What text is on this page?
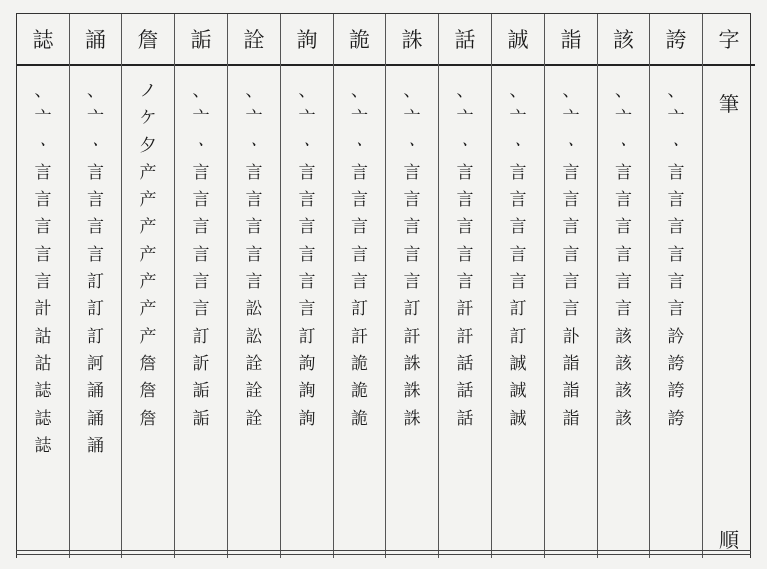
誌
、
亠
ㆍ
言
言
言
言
言
計
詁
詁
誌
誌
誌
誦
、
亠
ㆍ
言
言
言
言
訂
訂
訂
訶
誦
誦
誦
詹
ノ
ケ
夕
产
产
产
产
产
产
产
詹
詹
詹
詬
、
亠
ㆍ
言
言
言
言
言
言
訂
訢
詬
詬
詮
、
亠
ㆍ
言
言
言
言
言
訟
訟
詮
詮
詮
詢
、
亠
ㆍ
言
言
言
言
言
言
訂
訽
詢
詢
詭
、
亠
ㆍ
言
言
言
言
言
訂
訐
詭
詭
詭
誅
、
亠
ㆍ
言
言
言
言
言
訂
訐
誅
誅
誅
話
、
亠
ㆍ
言
言
言
言
言
訐
訐
話
話
話
誠
、
亠
ㆍ
言
言
言
言
言
訂
訂
誠
誠
誠
詣
、
亠
ㆍ
言
言
言
言
言
言
訃
詣
詣
詣
該
、
亠
ㆍ
言
言
言
言
言
言
該
該
該
該
誇
、
亠
ㆍ
言
言
言
言
言
言
訡
誇
誇
誇
字
筆
順
